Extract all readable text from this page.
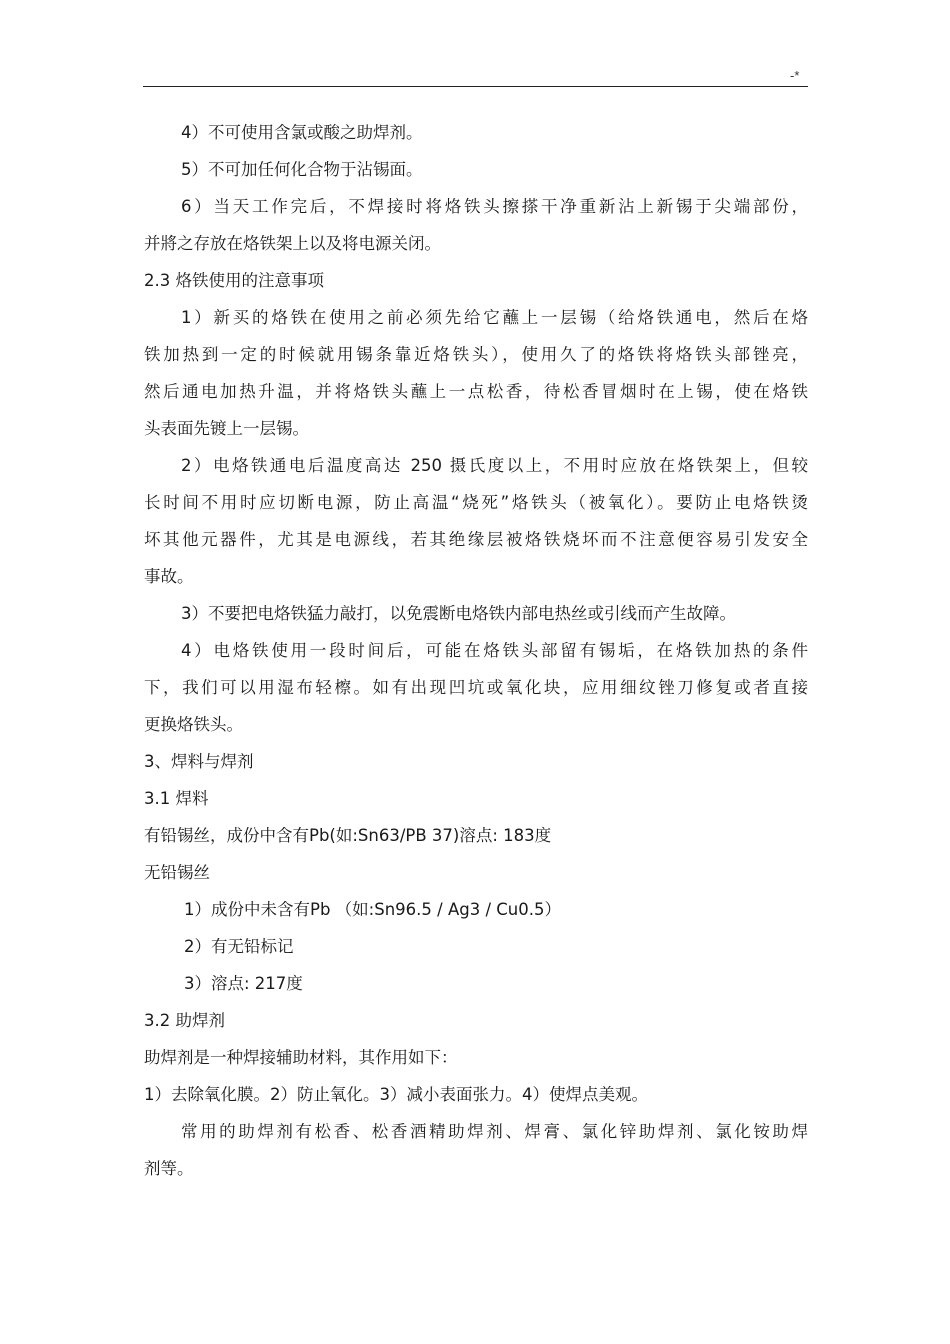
-*
4）不可使用含氯或酸之助焊剂。
5）不可加任何化合物于沾锡面。
6）当天工作完后，不焊接时将烙铁头擦搽干净重新沾上新锡于尖端部份，
并將之存放在烙铁架上以及将电源关闭。
2.3 烙铁使用的注意事项
1）新买的烙铁在使用之前必须先给它蘸上一层锡（给烙铁通电，然后在烙
铁加热到一定的时候就用锡条靠近烙铁头），使用久了的烙铁将烙铁头部锉亮，
然后通电加热升温，并将烙铁头蘸上一点松香，待松香冒烟时在上锡，使在烙铁
头表面先镀上一层锡。
2）电烙铁通电后温度高达 250 摄氏度以上，不用时应放在烙铁架上，但较
长时间不用时应切断电源，防止高温“烧死”烙铁头（被氧化）。要防止电烙铁烫
坏其他元器件，尤其是电源线，若其绝缘层被烙铁烧坏而不注意便容易引发安全
事故。
3）不要把电烙铁猛力敲打，以免震断电烙铁内部电热丝或引线而产生故障。
4）电烙铁使用一段时间后，可能在烙铁头部留有锡垢，在烙铁加热的条件
下，我们可以用湿布轻檫。如有出现凹坑或氧化块，应用细纹锉刀修复或者直接
更换烙铁头。
3、焊料与焊剂
3.1 焊料
有铅锡丝，成份中含有Pb(如:Sn63/PB 37)溶点: 183度
无铅锡丝
1）成份中未含有Pb （如:Sn96.5 / Ag3 / Cu0.5）
2）有无铅标记
3）溶点: 217度
3.2 助焊剂
助焊剂是一种焊接辅助材料，其作用如下：
1）去除氧化膜。2）防止氧化。3）减小表面张力。4）使焊点美观。
常用的助焊剂有松香、松香酒精助焊剂、焊膏、氯化锌助焊剂、氯化铵助焊
剂等。
